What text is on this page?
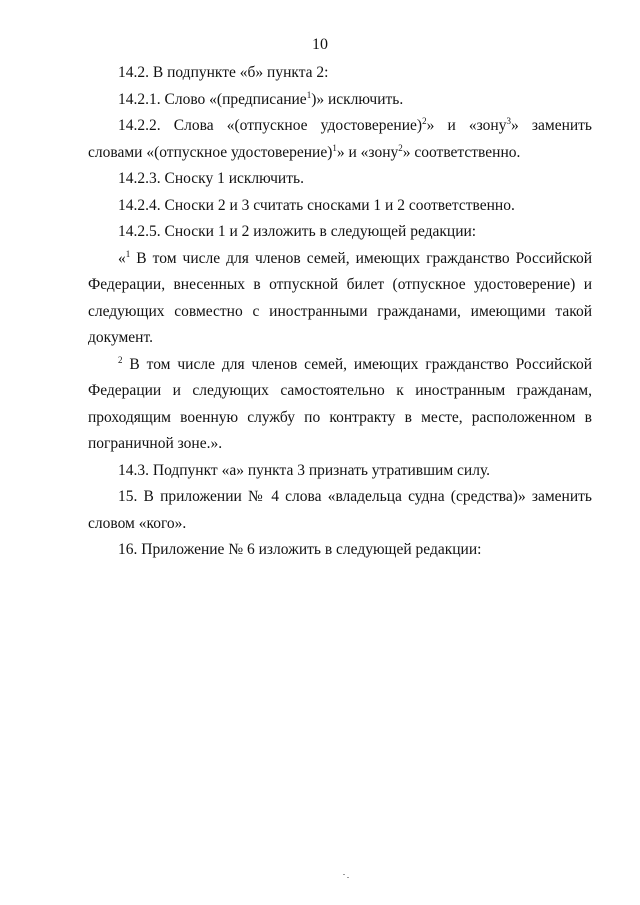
10

14.2. В подпункте «б» пункта 2:

14.2.1. Слово «(предписание$^1$)» исключить.

14.2.2. Слова «(отпускное удостоверение)$^2$» и «зону$^3$» заменить словами «(отпускное удостоверение)$^1$» и «зону$^2$» соответственно.

14.2.3. Сноску 1 исключить.

14.2.4. Сноски 2 и 3 считать сносками 1 и 2 соответственно.

14.2.5. Сноски 1 и 2 изложить в следующей редакции:

«$^1$ В том числе для членов семей, имеющих гражданство Российской Федерации, внесенных в отпускной билет (отпускное удостоверение) и следующих совместно с иностранными гражданами, имеющими такой документ.

$^2$ В том числе для членов семей, имеющих гражданство Российской Федерации и следующих самостоятельно к иностранным гражданам, проходящим военную службу по контракту в месте, расположенном в пограничной зоне.».

14.3. Подпункт «а» пункта 3 признать утратившим силу.

15. В приложении № 4 слова «владельца судна (средства)» заменить словом «кого».

16. Приложение № 6 изложить в следующей редакции:
